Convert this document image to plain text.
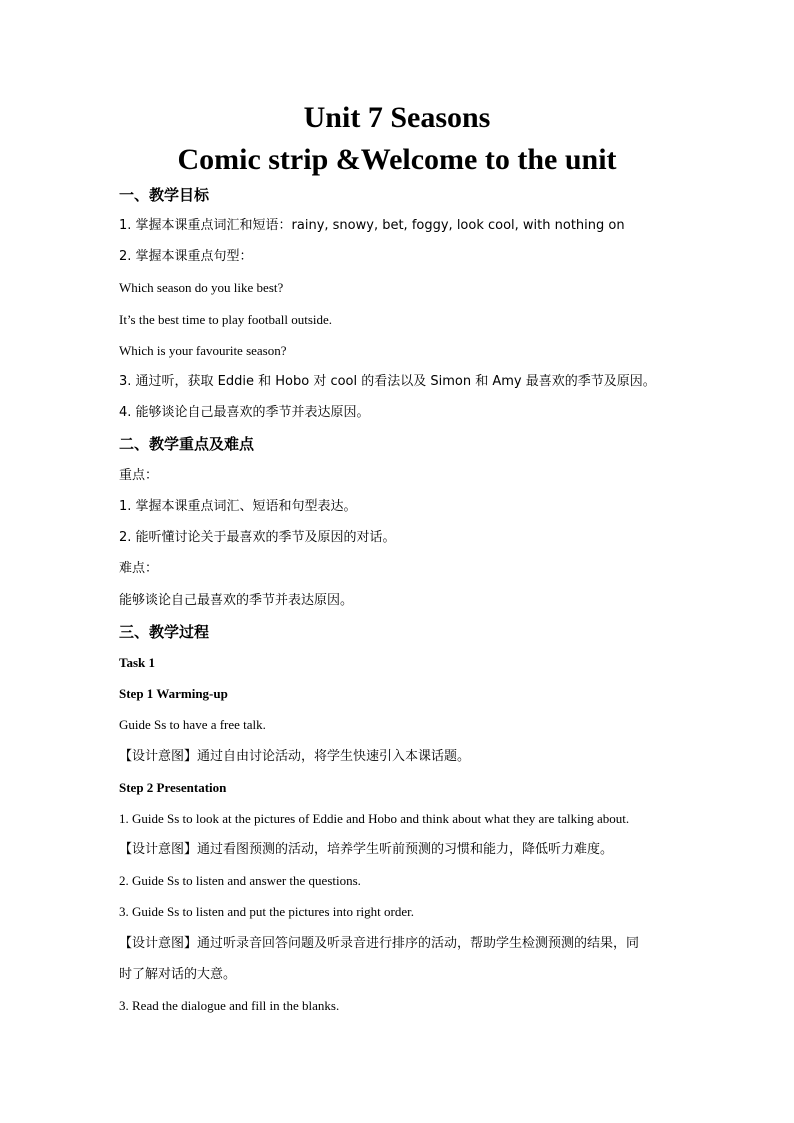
Unit 7 Seasons
Comic strip &Welcome to the unit

一、教学目标

1. 掌握本课重点词汇和短语：rainy, snowy, bet, foggy, look cool, with nothing on

2. 掌握本课重点句型：

Which season do you like best?

It’s the best time to play football outside.

Which is your favourite season?

3. 通过听，获取 Eddie 和 Hobo 对 cool 的看法以及 Simon 和 Amy 最喜欢的季节及原因。

4. 能够谈论自己最喜欢的季节并表达原因。

二、教学重点及难点

重点：

1. 掌握本课重点词汇、短语和句型表达。

2. 能听懂讨论关于最喜欢的季节及原因的对话。

难点：

能够谈论自己最喜欢的季节并表达原因。

三、教学过程

Task 1

Step 1 Warming-up

Guide Ss to have a free talk.

【设计意图】通过自由讨论活动，将学生快速引入本课话题。

Step 2 Presentation

1. Guide Ss to look at the pictures of Eddie and Hobo and think about what they are talking about.

【设计意图】通过看图预测的活动，培养学生听前预测的习惯和能力，降低听力难度。

2. Guide Ss to listen and answer the questions.

3. Guide Ss to listen and put the pictures into right order.

【设计意图】通过听录音回答问题及听录音进行排序的活动，帮助学生检测预测的结果，同

时了解对话的大意。

3. Read the dialogue and fill in the blanks.
